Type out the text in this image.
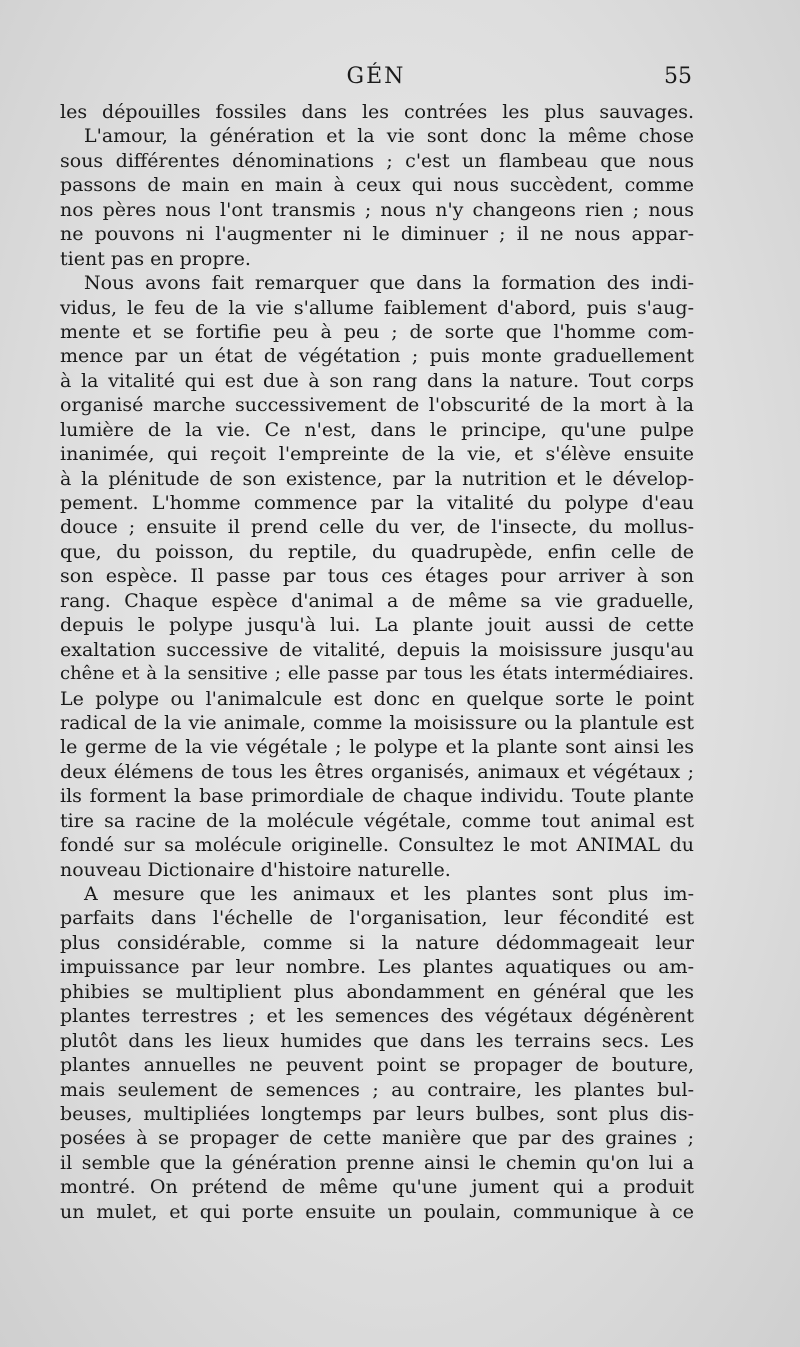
GÉN	55
les dépouilles fossiles dans les contrées les plus sauvages.
L'amour, la génération et la vie sont donc la même chose
sous différentes dénominations ; c'est un flambeau que nous
passons de main en main à ceux qui nous succèdent, comme
nos pères nous l'ont transmis ; nous n'y changeons rien ; nous
ne pouvons ni l'augmenter ni le diminuer ; il ne nous appar-
tient pas en propre.
Nous avons fait remarquer que dans la formation des indi-
vidus, le feu de la vie s'allume faiblement d'abord, puis s'aug-
mente et se fortifie peu à peu ; de sorte que l'homme com-
mence par un état de végétation ; puis monte graduellement
à la vitalité qui est due à son rang dans la nature. Tout corps
organisé marche successivement de l'obscurité de la mort à la
lumière de la vie. Ce n'est, dans le principe, qu'une pulpe
inanimée, qui reçoit l'empreinte de la vie, et s'élève ensuite
à la plénitude de son existence, par la nutrition et le dévelop-
pement. L'homme commence par la vitalité du polype d'eau
douce ; ensuite il prend celle du ver, de l'insecte, du mollus-
que, du poisson, du reptile, du quadrupède, enfin celle de
son espèce. Il passe par tous ces étages pour arriver à son
rang. Chaque espèce d'animal a de même sa vie graduelle,
depuis le polype jusqu'à lui. La plante jouit aussi de cette
exaltation successive de vitalité, depuis la moisissure jusqu'au
chêne et à la sensitive ; elle passe par tous les états intermédiaires.
Le polype ou l'animalcule est donc en quelque sorte le point
radical de la vie animale, comme la moisissure ou la plantule est
le germe de la vie végétale ; le polype et la plante sont ainsi les
deux élémens de tous les êtres organisés, animaux et végétaux ;
ils forment la base primordiale de chaque individu. Toute plante
tire sa racine de la molécule végétale, comme tout animal est
fondé sur sa molécule originelle. Consultez le mot ANIMAL du
nouveau Dictionaire d'histoire naturelle.
A mesure que les animaux et les plantes sont plus im-
parfaits dans l'échelle de l'organisation, leur fécondité est
plus considérable, comme si la nature dédommageait leur
impuissance par leur nombre. Les plantes aquatiques ou am-
phibies se multiplient plus abondamment en général que les
plantes terrestres ; et les semences des végétaux dégénèrent
plutôt dans les lieux humides que dans les terrains secs. Les
plantes annuelles ne peuvent point se propager de bouture,
mais seulement de semences ; au contraire, les plantes bul-
beuses, multipliées longtemps par leurs bulbes, sont plus dis-
posées à se propager de cette manière que par des graines ;
il semble que la génération prenne ainsi le chemin qu'on lui a
montré. On prétend de même qu'une jument qui a produit
un mulet, et qui porte ensuite un poulain, communique à ce
